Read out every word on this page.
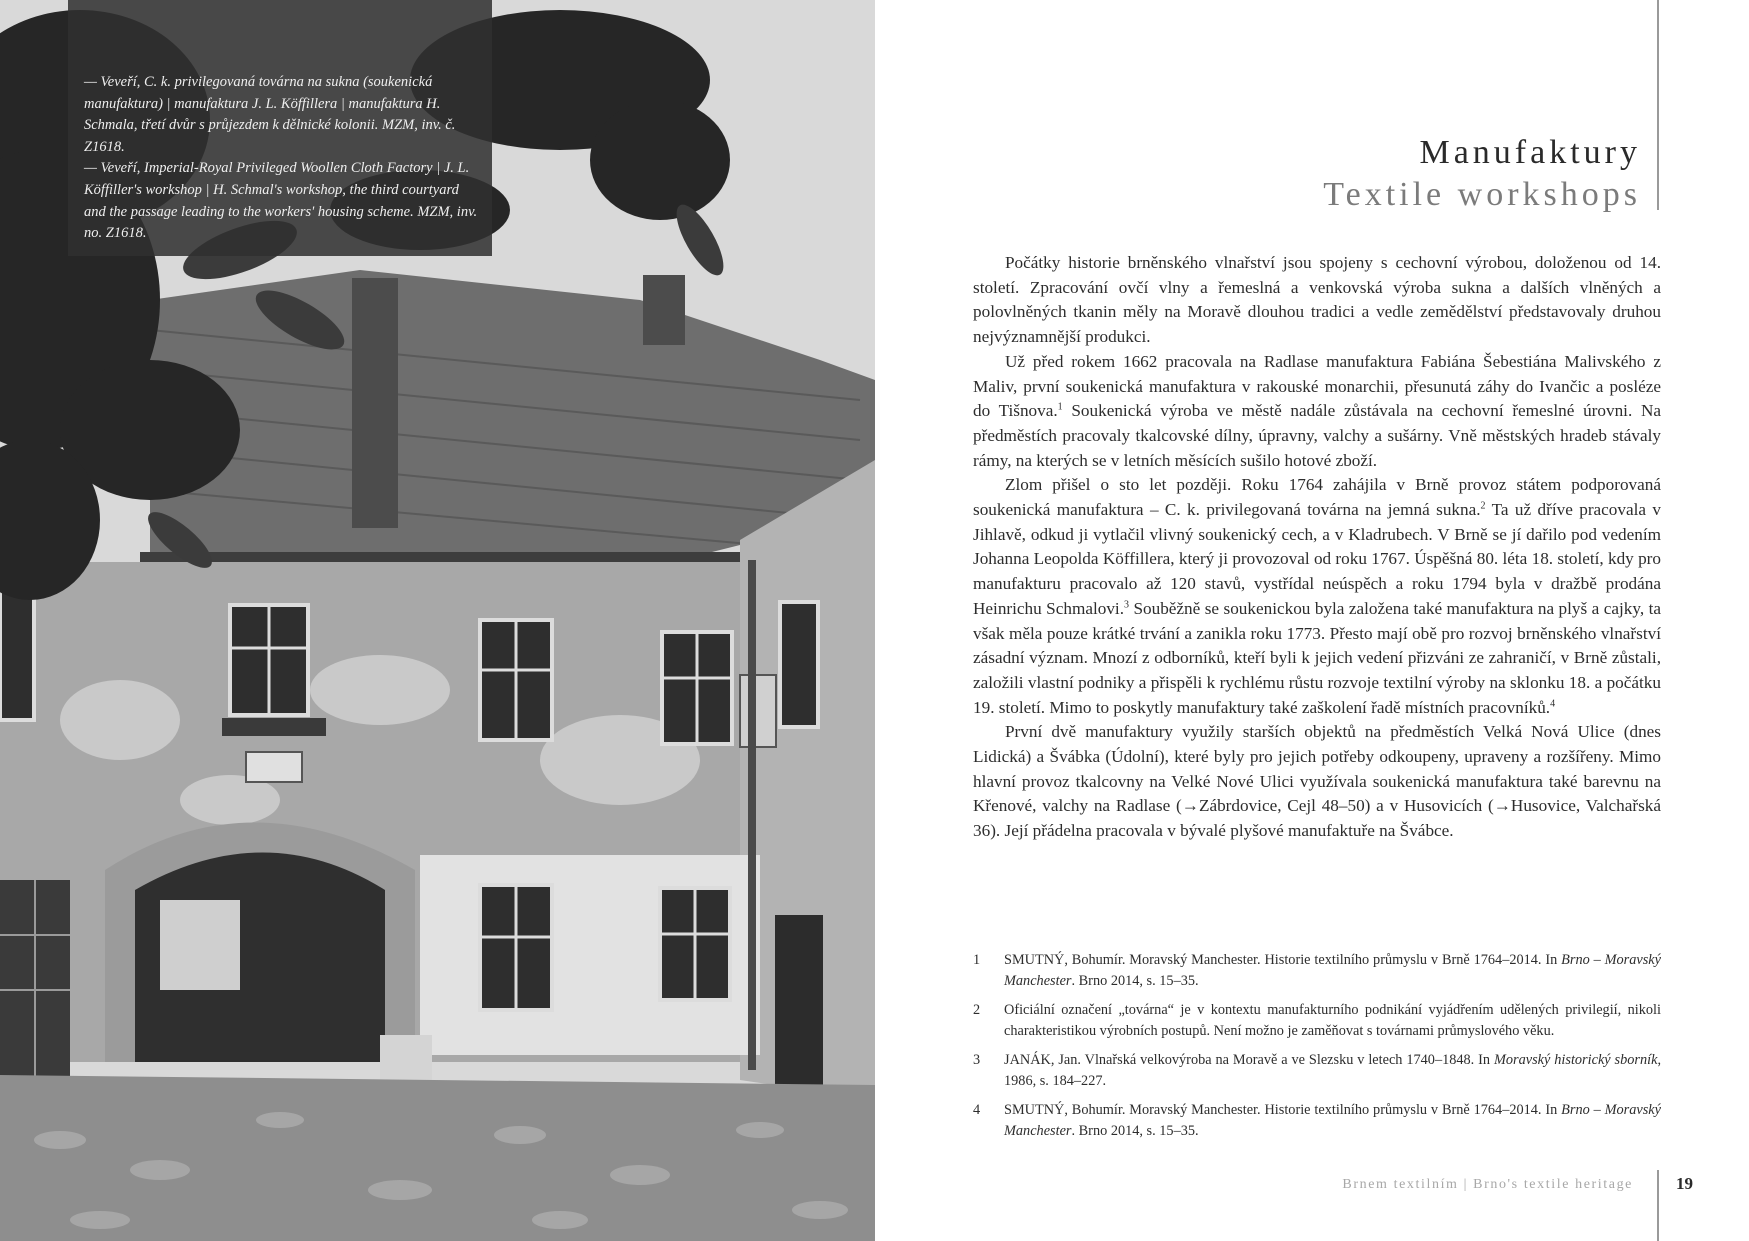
— Veveří, C. k. privilegovaná továrna na sukna (soukenická manufaktura) | manufaktura J. L. Köffillera | manufaktura H. Schmala, třetí dvůr s průjezdem k dělnické kolonii. MZM, inv. č. Z1618.

— Veveří, Imperial-Royal Privileged Woollen Cloth Factory | J. L. Köffiller's workshop | H. Schmal's workshop, the third courtyard and the passage leading to the workers' housing scheme. MZM, inv. no. Z1618.

Manufaktury
Textile workshops

Počátky historie brněnského vlnařství jsou spojeny s cechovní výrobou, doloženou od 14. století. Zpracování ovčí vlny a řemeslná a venkovská výroba sukna a dalších vlněných a polovlněných tkanin měly na Moravě dlouhou tradici a vedle zemědělství představovaly druhou nejvýznamnější produkci.

Už před rokem 1662 pracovala na Radlase manufaktura Fabiána Šebestiána Malivského z Maliv, první soukenická manufaktura v rakouské monarchii, přesunutá záhy do Ivančic a posléze do Tišnova.$^1$ Soukenická výroba ve městě nadále zůstávala na cechovní řemeslné úrovni. Na předměstích pracovaly tkalcovské dílny, úpravny, valchy a sušárny. Vně městských hradeb stávaly rámy, na kterých se v letních měsících sušilo hotové zboží.

Zlom přišel o sto let později. Roku 1764 zahájila v Brně provoz státem podporovaná soukenická manufaktura – C. k. privilegovaná továrna na jemná sukna.$^2$ Ta už dříve pracovala v Jihlavě, odkud ji vytlačil vlivný soukenický cech, a v Kladrubech. V Brně se jí dařilo pod vedením Johanna Leopolda Köffillera, který ji provozoval od roku 1767. Úspěšná 80. léta 18. století, kdy pro manufakturu pracovalo až 120 stavů, vystřídal neúspěch a roku 1794 byla v dražbě prodána Heinrichu Schmalovi.$^3$ Souběžně se soukenickou byla založena také manufaktura na plyš a cajky, ta však měla pouze krátké trvání a zanikla roku 1773. Přesto mají obě pro rozvoj brněnského vlnařství zásadní význam. Mnozí z odborníků, kteří byli k jejich vedení přizváni ze zahraničí, v Brně zůstali, založili vlastní podniky a přispěli k rychlému růstu rozvoje textilní výroby na sklonku 18. a počátku 19. století. Mimo to poskytly manufaktury také zaškolení řadě místních pracovníků.$^4$

První dvě manufaktury využily starších objektů na předměstích Velká Nová Ulice (dnes Lidická) a Švábka (Údolní), které byly pro jejich potřeby odkoupeny, upraveny a rozšířeny. Mimo hlavní provoz tkalcovny na Velké Nové Ulici využívala soukenická manufaktura také barevnu na Křenové, valchy na Radlase (→Zábrdovice, Cejl 48–50) a v Husovicích (→Husovice, Valchařská 36). Její přádelna pracovala v bývalé plyšové manufaktuře na Švábce.

1 SMUTNÝ, Bohumír. Moravský Manchester. Historie textilního průmyslu v Brně 1764–2014. In Brno – Moravský Manchester. Brno 2014, s. 15–35.
2 Oficiální označení „továrna“ je v kontextu manufakturního podnikání vyjádřením udělených privilegií, nikoli charakteristikou výrobních postupů. Není možno je zaměňovat s továrnami průmyslového věku.
3 JANÁK, Jan. Vlnařská velkovýroba na Moravě a ve Slezsku v letech 1740–1848. In Moravský historický sborník, 1986, s. 184–227.
4 SMUTNÝ, Bohumír. Moravský Manchester. Historie textilního průmyslu v Brně 1764–2014. In Brno – Moravský Manchester. Brno 2014, s. 15–35.
Brnem textilním | Brno's textile heritage	19
